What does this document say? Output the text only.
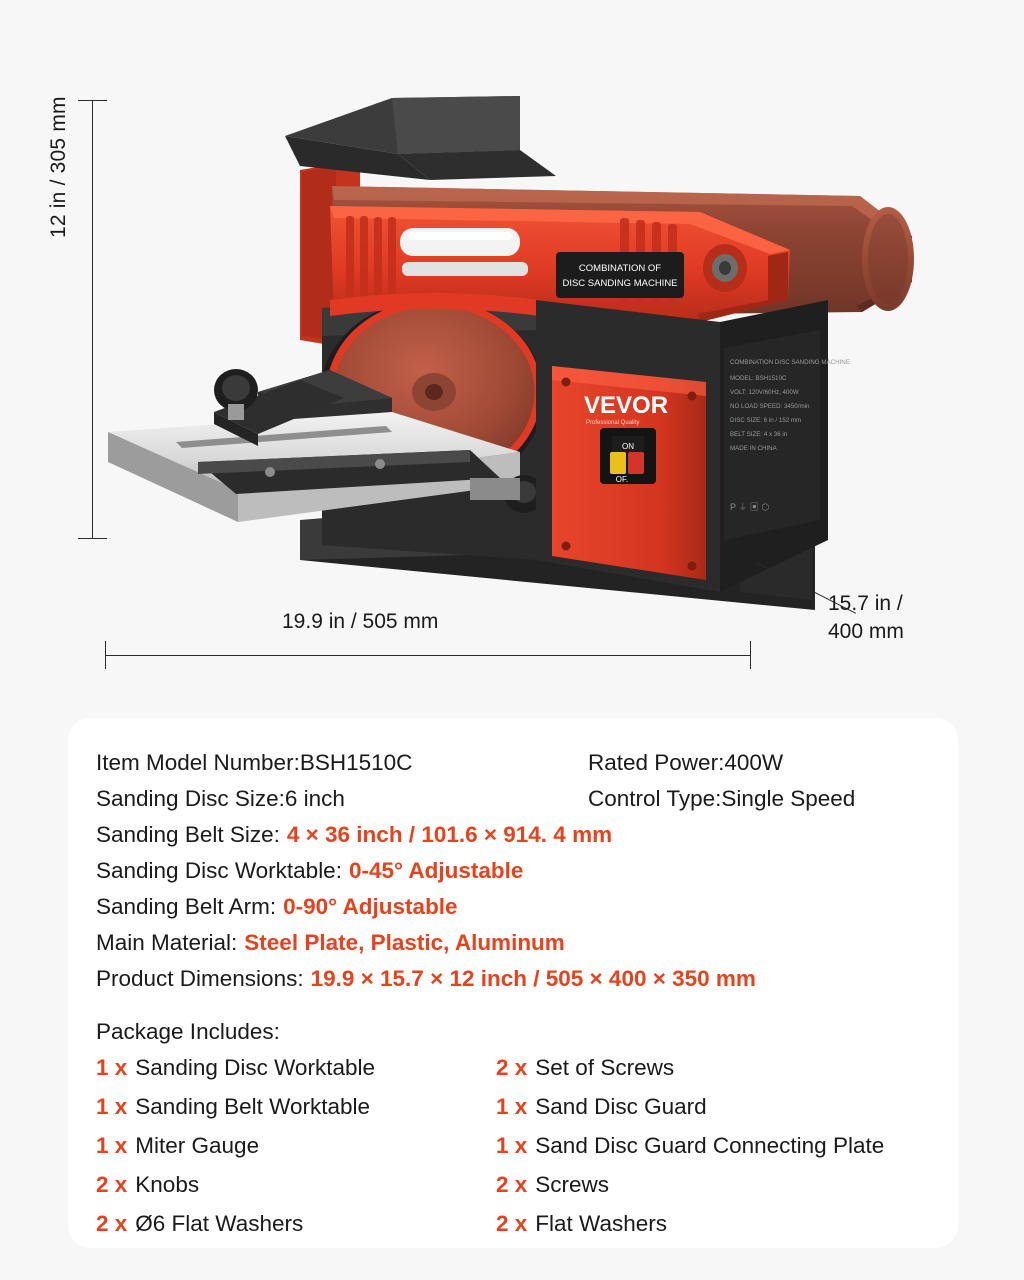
COMBINATION OF
DISC SANDING MACHINE
VEVOR
Professional Quality
ON
OF.
COMBINATION DISC SANDING MACHINE
MODEL: BSH1510C
VOLT: 120V/60Hz, 400W
NO LOAD SPEED: 3450/min
DISC SIZE: 6 in / 152 mm
BELT SIZE: 4 x 36 in
MADE IN CHINA
P ⏚ ▣ ⬡
12 in / 305 mm
19.9 in / 505 mm
15.7 in /
400 mm
Item Model Number: BSH1510C	Rated Power: 400W
Sanding Disc Size: 6 inch	Control Type: Single Speed
Sanding Belt Size: 4 × 36 inch / 101.6 × 914. 4 mm
Sanding Disc Worktable: 0-45° Adjustable
Sanding Belt Arm: 0-90° Adjustable
Main Material: Steel Plate, Plastic, Aluminum
Product Dimensions: 19.9 × 15.7 × 12 inch / 505 × 400 × 350 mm
Package Includes:
1 x Sanding Disc Worktable	2 x Set of Screws
1 x Sanding Belt Worktable	1 x Sand Disc Guard
1 x Miter Gauge	1 x Sand Disc Guard Connecting Plate
2 x Knobs	2 x Screws
2 x Ø6 Flat Washers	2 x Flat Washers
